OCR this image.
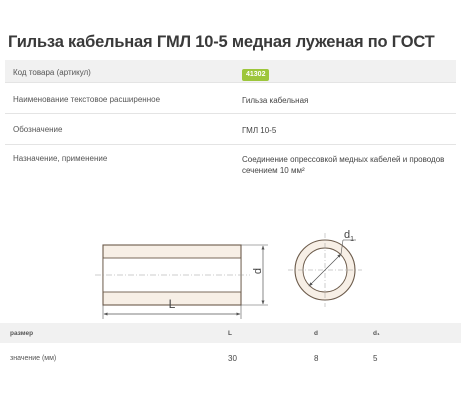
Гильза кабельная ГМЛ 10-5 медная луженая по ГОСТ
Код товара (артикул)	41302
Наименование текстовое расширенное	Гильза кабельная
Обозначение	ГМЛ 10-5
Назначение, применение	Соединение опрессовкой медных кабелей и проводов сечением 10 мм²
L
d
$d_1$
размер	L	d	d₁
значение (мм)	30	8	5
